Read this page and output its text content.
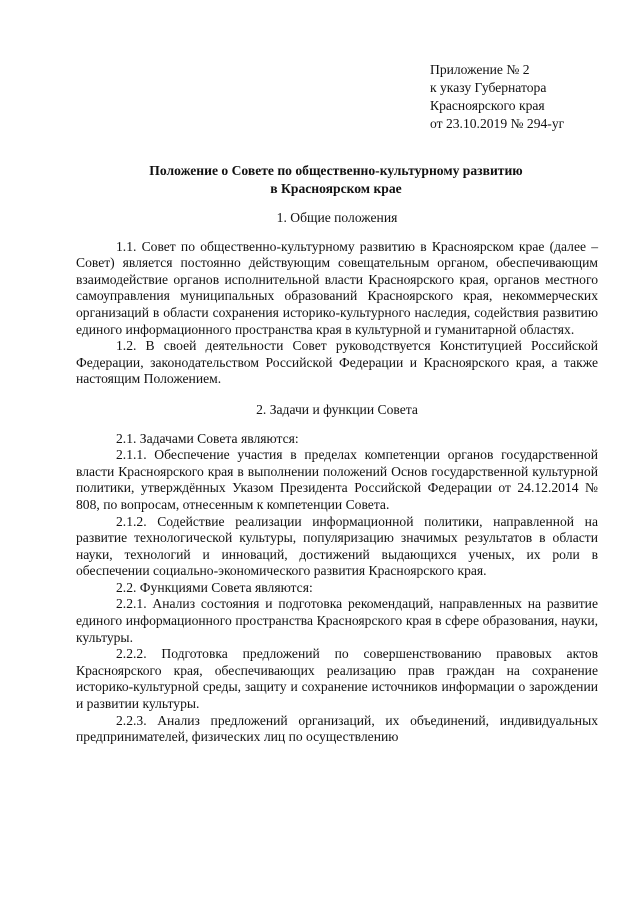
Приложение № 2
к указу Губернатора
Красноярского края
от 23.10.2019 № 294-уг
Положение о Совете по общественно-культурному развитию
в Красноярском крае
1. Общие положения

1.1. Совет по общественно-культурному развитию в Красноярском крае (далее – Совет) является постоянно действующим совещательным органом, обеспечивающим взаимодействие органов исполнительной власти Красноярского края, органов местного самоуправления муниципальных образований Красноярского края, некоммерческих организаций в области сохранения историко-культурного наследия, содействия развитию единого информационного пространства края в культурной и гуманитарной областях.

1.2. В своей деятельности Совет руководствуется Конституцией Российской Федерации, законодательством Российской Федерации и Красноярского края, а также настоящим Положением.

2. Задачи и функции Совета

2.1. Задачами Совета являются:

2.1.1. Обеспечение участия в пределах компетенции органов государственной власти Красноярского края в выполнении положений Основ государственной культурной политики, утверждённых Указом Президента Российской Федерации от 24.12.2014 № 808, по вопросам, отнесенным к компетенции Совета.

2.1.2. Содействие реализации информационной политики, направленной на развитие технологической культуры, популяризацию значимых результатов в области науки, технологий и инноваций, достижений выдающихся ученых, их роли в обеспечении социально-экономического развития Красноярского края.

2.2. Функциями Совета являются:

2.2.1. Анализ состояния и подготовка рекомендаций, направленных на развитие единого информационного пространства Красноярского края в сфере образования, науки, культуры.

2.2.2. Подготовка предложений по совершенствованию правовых актов Красноярского края, обеспечивающих реализацию прав граждан на сохранение историко-культурной среды, защиту и сохранение источников информации о зарождении и развитии культуры.

2.2.3. Анализ предложений организаций, их объединений, индивидуальных предпринимателей, физических лиц по осуществлению
